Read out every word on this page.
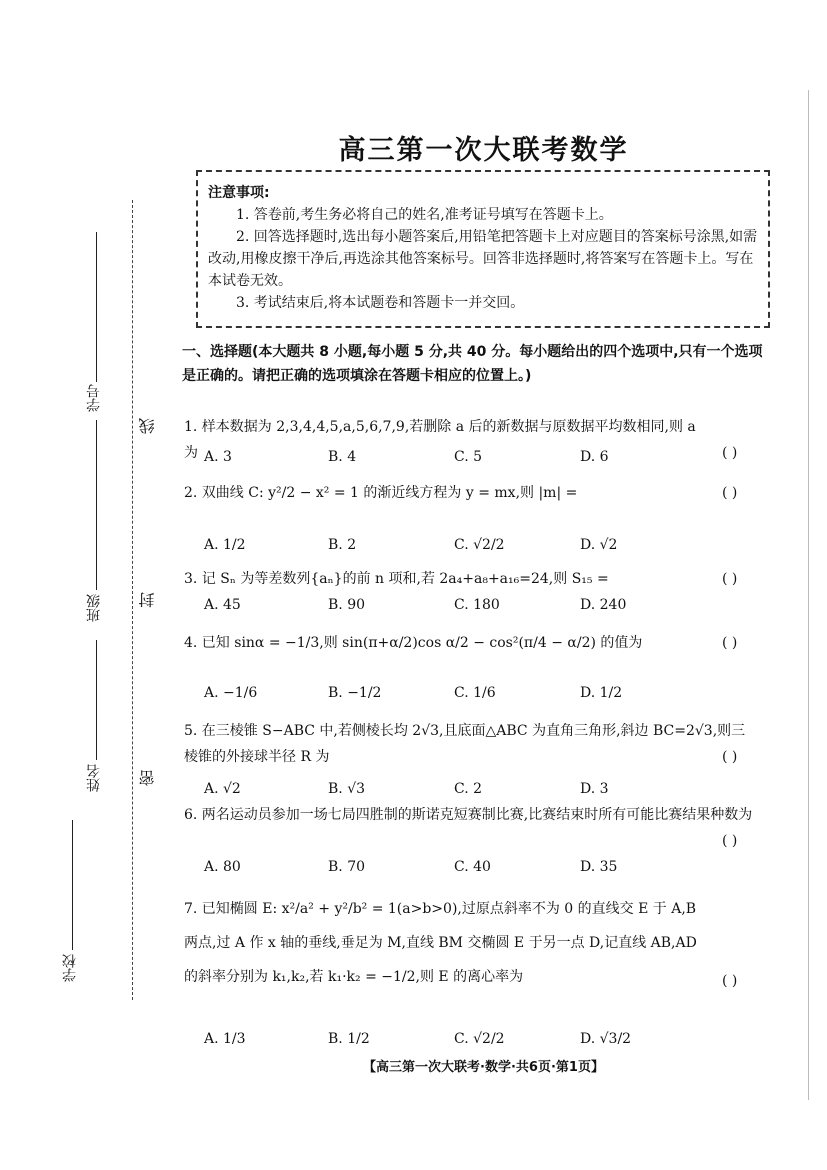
学号
班级
姓名
学校
线
封
密
高三第一次大联考数学
注意事项:

1. 答卷前,考生务必将自己的姓名,准考证号填写在答题卡上。

2. 回答选择题时,选出每小题答案后,用铅笔把答题卡上对应题目的答案标号涂黑,如需改动,用橡皮擦干净后,再选涂其他答案标号。回答非选择题时,将答案写在答题卡上。写在本试卷无效。

3. 考试结束后,将本试题卷和答题卡一并交回。

一、选择题(本大题共 8 小题,每小题 5 分,共 40 分。每小题给出的四个选项中,只有一个选项是正确的。请把正确的选项填涂在答题卡相应的位置上。)
1. 样本数据为 2,3,4,4,5,a,5,6,7,9,若删除 a 后的新数据与原数据平均数相同,则 a 为	( )
A. 3	B. 4	C. 5	D. 6
2. 双曲线 C: y²/2 − x² = 1 的渐近线方程为 y = mx,则 |m| =	( )
A. 1/2	B. 2	C. √2/2	D. √2
3. 记 Sₙ 为等差数列{aₙ}的前 n 项和,若 2a₄+a₈+a₁₆=24,则 S₁₅ =	( )
A. 45	B. 90	C. 180	D. 240
4. 已知 sinα = −1/3,则 sin(π+α/2)cos α/2 − cos²(π/4 − α/2) 的值为	( )
A. −1/6	B. −1/2	C. 1/6	D. 1/2
5. 在三棱锥 S−ABC 中,若侧棱长均 2√3,且底面△ABC 为直角三角形,斜边 BC=2√3,则三棱锥的外接球半径 R 为	( )
A. √2	B. √3	C. 2	D. 3
6. 两名运动员参加一场七局四胜制的斯诺克短赛制比赛,比赛结束时所有可能比赛结果种数为
( )
A. 80	B. 70	C. 40	D. 35
7. 已知椭圆 E: x²/a² + y²/b² = 1(a>b>0),过原点斜率不为 0 的直线交 E 于 A,B 两点,过 A 作 x 轴的垂线,垂足为 M,直线 BM 交椭圆 E 于另一点 D,记直线 AB,AD 的斜率分别为 k₁,k₂,若 k₁·k₂ = −1/2,则 E 的离心率为	( )
A. 1/3	B. 1/2	C. √2/2	D. √3/2
【高三第一次大联考·数学·共6页·第1页】
